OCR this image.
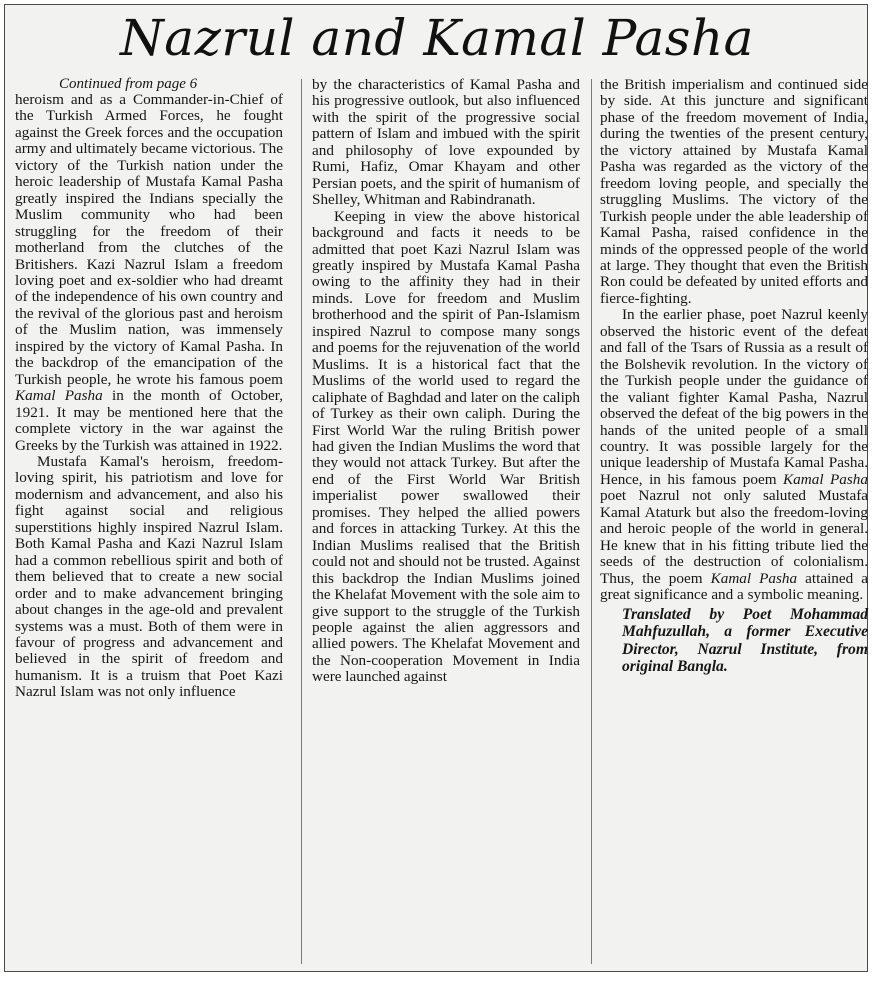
Nazrul and Kamal Pasha
Continued from page 6

heroism and as a Commander-in-Chief of the Turkish Armed Forces, he fought against the Greek forces and the occupation army and ultimately became victorious. The victory of the Turkish nation under the heroic leadership of Mustafa Kamal Pasha greatly inspired the Indians specially the Muslim community who had been struggling for the freedom of their motherland from the clutches of the Britishers. Kazi Nazrul Islam a freedom loving poet and ex-soldier who had dreamt of the independence of his own country and the revival of the glorious past and heroism of the Muslim nation, was immensely inspired by the victory of Kamal Pasha. In the backdrop of the emancipation of the Turkish people, he wrote his famous poem Kamal Pasha in the month of October, 1921. It may be mentioned here that the complete victory in the war against the Greeks by the Turkish was attained in 1922.

Mustafa Kamal's heroism, freedom-loving spirit, his patriotism and love for modernism and advancement, and also his fight against social and religious superstitions highly inspired Nazrul Islam. Both Kamal Pasha and Kazi Nazrul Islam had a common rebellious spirit and both of them believed that to create a new social order and to make advancement bringing about changes in the age-old and prevalent systems was a must. Both of them were in favour of progress and advancement and believed in the spirit of freedom and humanism. It is a truism that Poet Kazi Nazrul Islam was not only influence

by the characteristics of Kamal Pasha and his progressive outlook, but also influenced with the spirit of the progressive social pattern of Islam and imbued with the spirit and philosophy of love expounded by Rumi, Hafiz, Omar Khayam and other Persian poets, and the spirit of humanism of Shelley, Whitman and Rabindranath.

Keeping in view the above historical background and facts it needs to be admitted that poet Kazi Nazrul Islam was greatly inspired by Mustafa Kamal Pasha owing to the affinity they had in their minds. Love for freedom and Muslim brotherhood and the spirit of Pan-Islamism inspired Nazrul to compose many songs and poems for the rejuvenation of the world Muslims. It is a historical fact that the Muslims of the world used to regard the caliphate of Baghdad and later on the caliph of Turkey as their own caliph. During the First World War the ruling British power had given the Indian Muslims the word that they would not attack Turkey. But after the end of the First World War British imperialist power swallowed their promises. They helped the allied powers and forces in attacking Turkey. At this the Indian Muslims realised that the British could not and should not be trusted. Against this backdrop the Indian Muslims joined the Khelafat Movement with the sole aim to give support to the struggle of the Turkish people against the alien aggressors and allied powers. The Khelafat Movement and the Non-cooperation Movement in India were launched against

the British imperialism and continued side by side. At this juncture and significant phase of the freedom movement of India, during the twenties of the present century, the victory attained by Mustafa Kamal Pasha was regarded as the victory of the freedom loving people, and specially the struggling Muslims. The victory of the Turkish people under the able leadership of Kamal Pasha, raised confidence in the minds of the oppressed people of the world at large. They thought that even the British Ron could be defeated by united efforts and fierce-fighting.

In the earlier phase, poet Nazrul keenly observed the historic event of the defeat and fall of the Tsars of Russia as a result of the Bolshevik revolution. In the victory of the Turkish people under the guidance of the valiant fighter Kamal Pasha, Nazrul observed the defeat of the big powers in the hands of the united people of a small country. It was possible largely for the unique leadership of Mustafa Kamal Pasha. Hence, in his famous poem Kamal Pasha poet Nazrul not only saluted Mustafa Kamal Ataturk but also the freedom-loving and heroic people of the world in general. He knew that in his fitting tribute lied the seeds of the destruction of colonialism. Thus, the poem Kamal Pasha attained a great significance and a symbolic meaning.

Translated by Poet Mohammad Mahfuzullah, a former Executive Director, Nazrul Institute, from original Bangla.
